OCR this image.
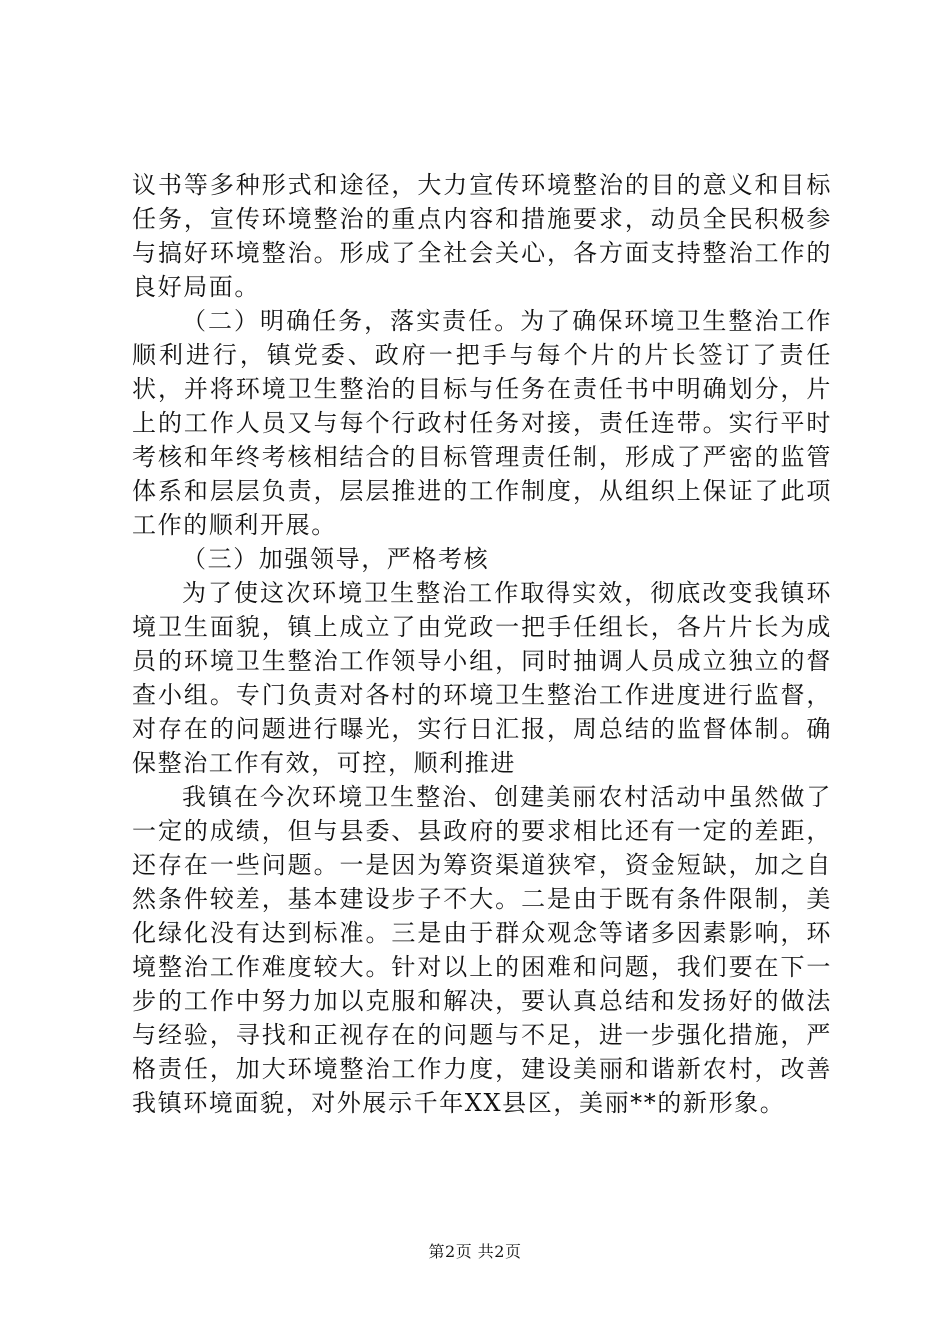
议书等多种形式和途径，大力宣传环境整治的目的意义和目标任务，宣传环境整治的重点内容和措施要求，动员全民积极参与搞好环境整治。形成了全社会关心，各方面支持整治工作的良好局面。

（二）明确任务，落实责任。为了确保环境卫生整治工作顺利进行，镇党委、政府一把手与每个片的片长签订了责任状，并将环境卫生整治的目标与任务在责任书中明确划分，片上的工作人员又与每个行政村任务对接，责任连带。实行平时考核和年终考核相结合的目标管理责任制，形成了严密的监管体系和层层负责，层层推进的工作制度，从组织上保证了此项工作的顺利开展。

（三）加强领导，严格考核

为了使这次环境卫生整治工作取得实效，彻底改变我镇环境卫生面貌，镇上成立了由党政一把手任组长，各片片长为成员的环境卫生整治工作领导小组，同时抽调人员成立独立的督查小组。专门负责对各村的环境卫生整治工作进度进行监督，对存在的问题进行曝光，实行日汇报，周总结的监督体制。确保整治工作有效，可控，顺利推进

我镇在今次环境卫生整治、创建美丽农村活动中虽然做了一定的成绩，但与县委、县政府的要求相比还有一定的差距，还存在一些问题。一是因为筹资渠道狭窄，资金短缺，加之自然条件较差，基本建设步子不大。二是由于既有条件限制，美化绿化没有达到标准。三是由于群众观念等诸多因素影响，环境整治工作难度较大。针对以上的困难和问题，我们要在下一步的工作中努力加以克服和解决，要认真总结和发扬好的做法与经验，寻找和正视存在的问题与不足，进一步强化措施，严格责任，加大环境整治工作力度，建设美丽和谐新农村，改善我镇环境面貌，对外展示千年XX县区，美丽**的新形象。

第2页 共2页
